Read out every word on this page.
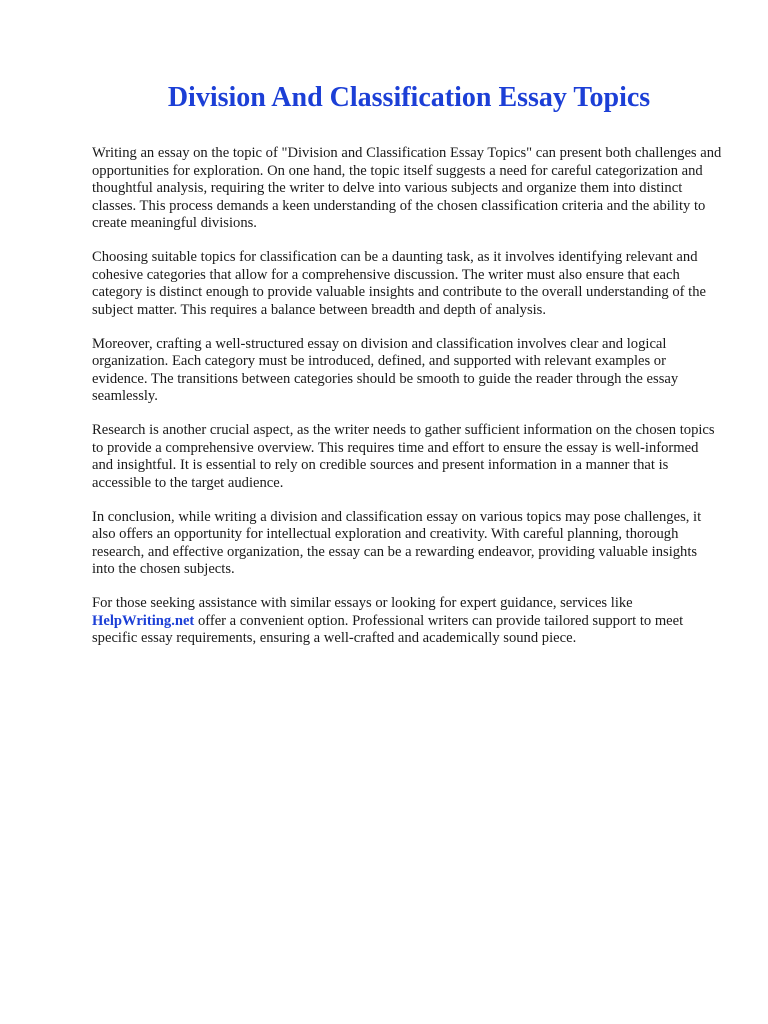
Division And Classification Essay Topics

Writing an essay on the topic of "Division and Classification Essay Topics" can present both challenges and opportunities for exploration. On one hand, the topic itself suggests a need for careful categorization and thoughtful analysis, requiring the writer to delve into various subjects and organize them into distinct classes. This process demands a keen understanding of the chosen classification criteria and the ability to create meaningful divisions.

Choosing suitable topics for classification can be a daunting task, as it involves identifying relevant and cohesive categories that allow for a comprehensive discussion. The writer must also ensure that each category is distinct enough to provide valuable insights and contribute to the overall understanding of the subject matter. This requires a balance between breadth and depth of analysis.

Moreover, crafting a well-structured essay on division and classification involves clear and logical organization. Each category must be introduced, defined, and supported with relevant examples or evidence. The transitions between categories should be smooth to guide the reader through the essay seamlessly.

Research is another crucial aspect, as the writer needs to gather sufficient information on the chosen topics to provide a comprehensive overview. This requires time and effort to ensure the essay is well-informed and insightful. It is essential to rely on credible sources and present information in a manner that is accessible to the target audience.

In conclusion, while writing a division and classification essay on various topics may pose challenges, it also offers an opportunity for intellectual exploration and creativity. With careful planning, thorough research, and effective organization, the essay can be a rewarding endeavor, providing valuable insights into the chosen subjects.

For those seeking assistance with similar essays or looking for expert guidance, services like HelpWriting.net offer a convenient option. Professional writers can provide tailored support to meet specific essay requirements, ensuring a well-crafted and academically sound piece.
